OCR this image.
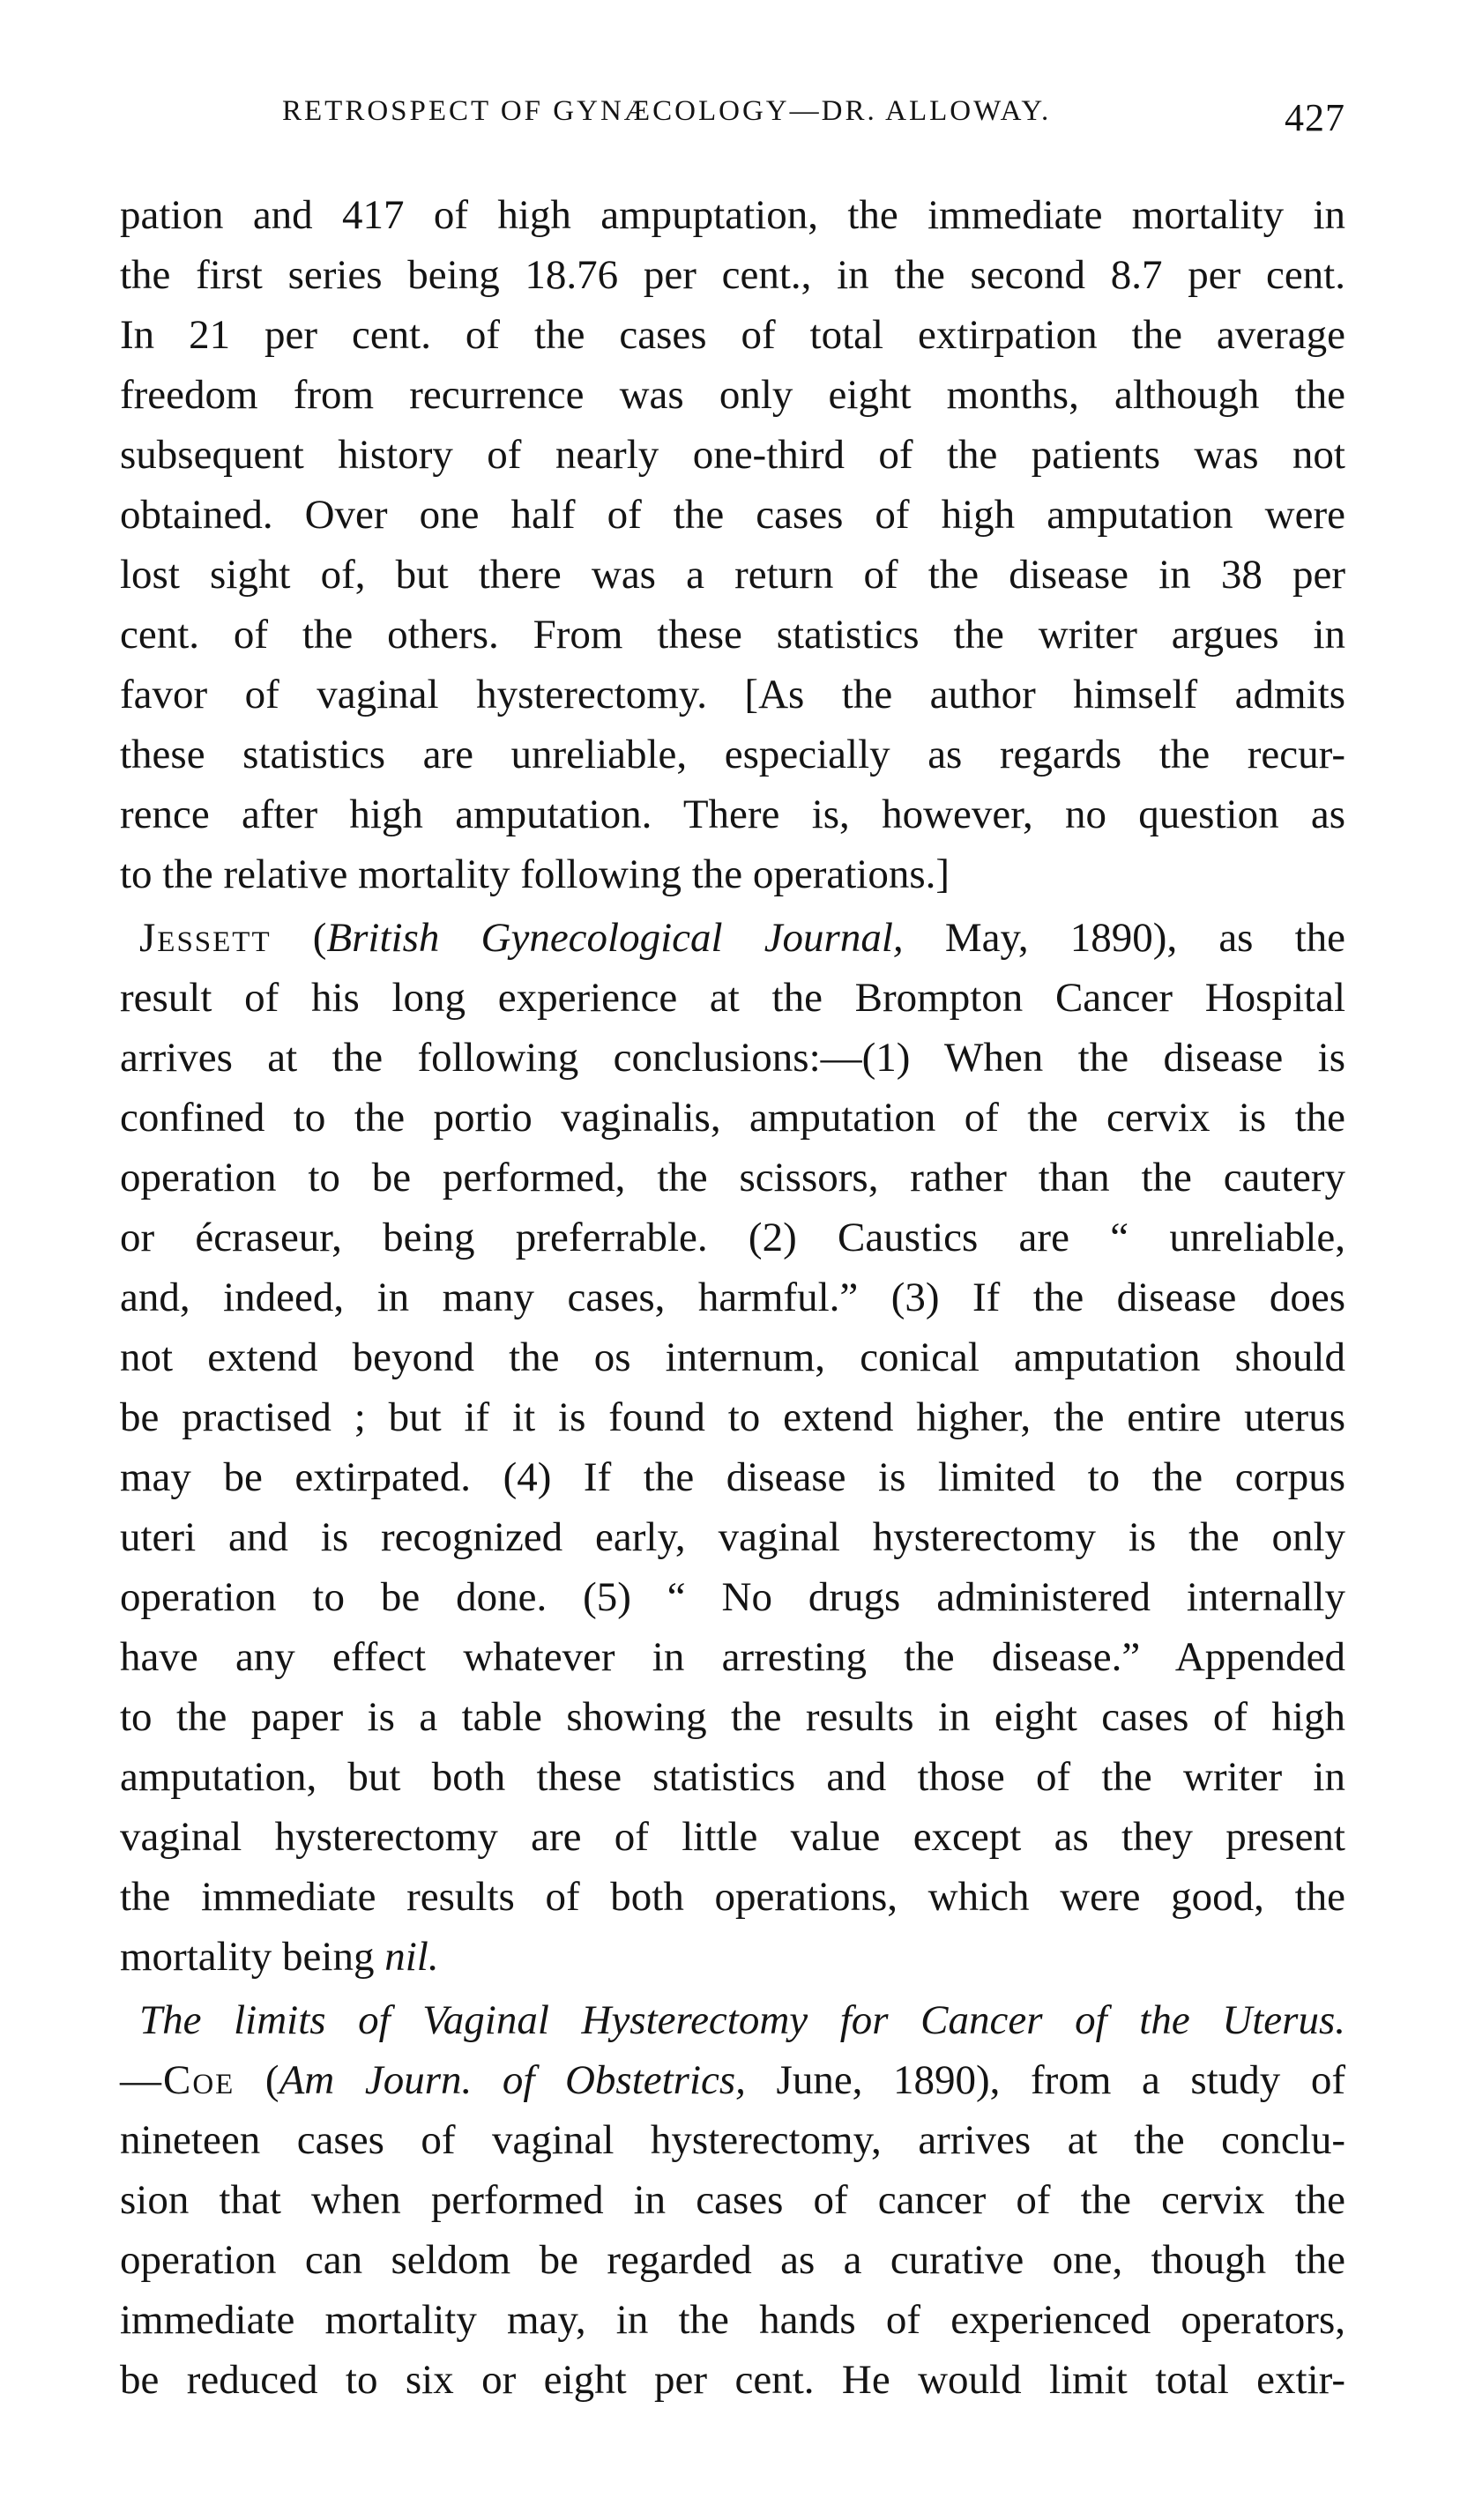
RETROSPECT OF GYNÆCOLOGY—DR. ALLOWAY.	427
pation and 417 of high ampuptation, the immediate mortality in
the first series being 18.76 per cent., in the second 8.7 per cent.
In 21 per cent. of the cases of total extirpation the average
freedom from recurrence was only eight months, although the
subsequent history of nearly one-third of the patients was not
obtained. Over one half of the cases of high amputation were
lost sight of, but there was a return of the disease in 38 per
cent. of the others. From these statistics the writer argues in
favor of vaginal hysterectomy. [As the author himself admits
these statistics are unreliable, especially as regards the recur-
rence after high amputation. There is, however, no question as
to the relative mortality following the operations.]
Jessett (British Gynecological Journal, May, 1890), as the
result of his long experience at the Brompton Cancer Hospital
arrives at the following conclusions:—(1) When the disease is
confined to the portio vaginalis, amputation of the cervix is the
operation to be performed, the scissors, rather than the cautery
or écraseur, being preferrable. (2) Caustics are “ unreliable,
and, indeed, in many cases, harmful.” (3) If the disease does
not extend beyond the os internum, conical amputation should
be practised ; but if it is found to extend higher, the entire uterus
may be extirpated. (4) If the disease is limited to the corpus
uteri and is recognized early, vaginal hysterectomy is the only
operation to be done. (5) “ No drugs administered internally
have any effect whatever in arresting the disease.” Appended
to the paper is a table showing the results in eight cases of high
amputation, but both these statistics and those of the writer in
vaginal hysterectomy are of little value except as they present
the immediate results of both operations, which were good, the
mortality being nil.
The limits of Vaginal Hysterectomy for Cancer of the Uterus.
—Coe (Am Journ. of Obstetrics, June, 1890), from a study of
nineteen cases of vaginal hysterectomy, arrives at the conclu-
sion that when performed in cases of cancer of the cervix the
operation can seldom be regarded as a curative one, though the
immediate mortality may, in the hands of experienced operators,
be reduced to six or eight per cent. He would limit total extir-
